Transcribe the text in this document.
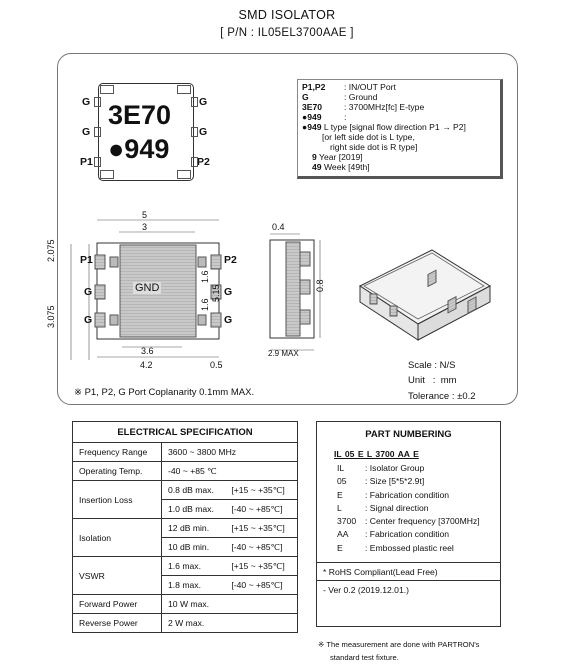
SMD ISOLATOR
[ P/N : IL05EL3700AAE ]
3E70
●949
G
G
P1
G
G
P2
P1,P2 : IN/OUT Port
G	: Ground
3E70	: 3700MHz[fc] E-type
●949	:
●949 L type [signal flow direction P1 → P2]
[or left side dot is L type,
right side dot is R type]
9 Year [2019]
49 Week [49th]
GND
P1
G
G
P2
G
G
5
3
2.075
3.075
1.6
1.6
5.15
3.6
4.2	0.5
0.4
0.8
2.9 MAX
Scale : N/S
Unit   :  mm
Tolerance : ±0.2
※ P1, P2, G Port Coplanarity 0.1mm MAX.
ELECTRICAL SPECIFICATION		
Frequency Range	3600 ~ 3800 MHz	
Operating Temp.	-40 ~ +85 ℃	
Insertion Loss	0.8 dB max.	[+15 ~ +35℃]
	1.0 dB max.	[-40 ~ +85℃]
Isolation	12 dB min.	[+15 ~ +35℃]
	10 dB min.	[-40 ~ +85℃]
VSWR	1.6 max.	[+15 ~ +35℃]
	1.8 max.	[-40 ~ +85℃]
Forward Power	10 W max.	
Reverse Power	2 W max.	
PART NUMBERING
IL 05 E L 3700 AA E
IL : Isolator Group
05 : Size [5*5*2.9t]
E	: Fabrication condition
L	: Signal direction
3700 : Center frequency [3700MHz]
AA : Fabrication condition
E	: Embossed plastic reel
* RoHS Compliant(Lead Free)
- Ver 0.2 (2019.12.01.)
※ The measurement are done with PARTRON's
standard test fixture.
